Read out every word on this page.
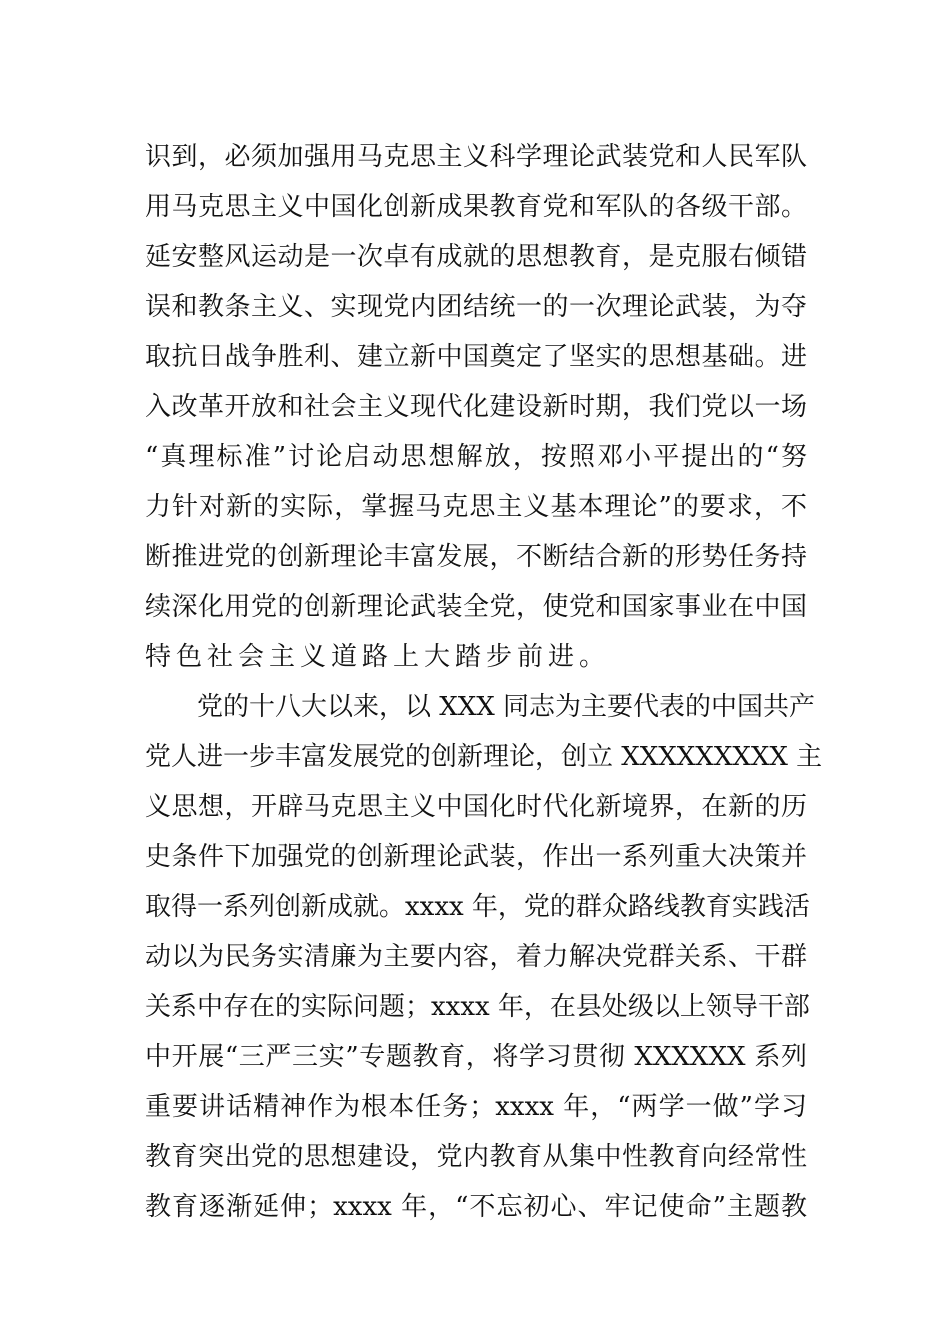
识到，必须加强用马克思主义科学理论武装党和人民军队
用马克思主义中国化创新成果教育党和军队的各级干部。
延安整风运动是一次卓有成就的思想教育，是克服右倾错
误和教条主义、实现党内团结统一的一次理论武装，为夺
取抗日战争胜利、建立新中国奠定了坚实的思想基础。进
入改革开放和社会主义现代化建设新时期，我们党以一场
“真理标准”讨论启动思想解放，按照邓小平提出的“努
力针对新的实际，掌握马克思主义基本理论”的要求，不
断推进党的创新理论丰富发展，不断结合新的形势任务持
续深化用党的创新理论武装全党，使党和国家事业在中国
特色社会主义道路上大踏步前进。
党的十八大以来，以 XXX 同志为主要代表的中国共产
党人进一步丰富发展党的创新理论，创立 XXXXXXXXX 主
义思想，开辟马克思主义中国化时代化新境界，在新的历
史条件下加强党的创新理论武装，作出一系列重大决策并
取得一系列创新成就。xxxx 年，党的群众路线教育实践活
动以为民务实清廉为主要内容，着力解决党群关系、干群
关系中存在的实际问题；xxxx 年，在县处级以上领导干部
中开展“三严三实”专题教育，将学习贯彻 XXXXXX 系列
重要讲话精神作为根本任务；xxxx 年，“两学一做”学习
教育突出党的思想建设，党内教育从集中性教育向经常性
教育逐渐延伸；xxxx 年，“不忘初心、牢记使命”主题教
